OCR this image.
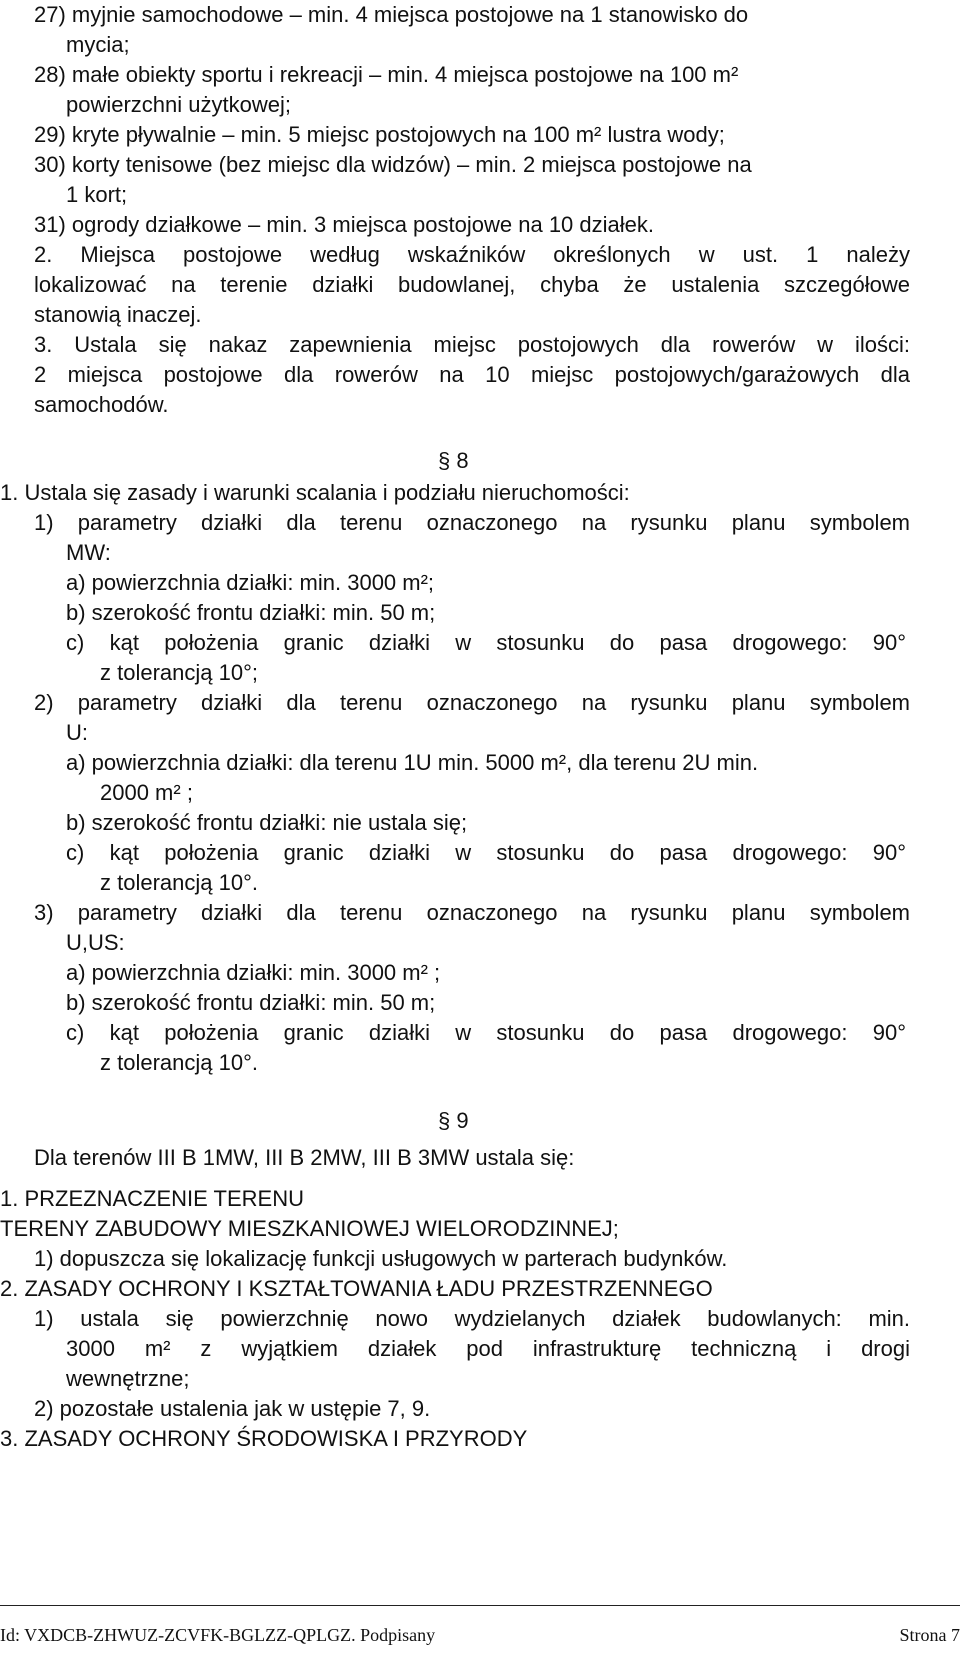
27) myjnie samochodowe – min. 4 miejsca postojowe na 1 stanowisko do
mycia;
28) małe obiekty sportu i rekreacji – min. 4 miejsca postojowe na 100 m²
powierzchni użytkowej;
29) kryte pływalnie – min. 5 miejsc postojowych na 100 m² lustra wody;
30) korty tenisowe (bez miejsc dla widzów) – min. 2 miejsca postojowe na
1 kort;
31) ogrody działkowe – min. 3 miejsca postojowe na 10 działek.
2. Miejsca postojowe według wskaźników określonych w ust. 1 należy
lokalizować na terenie działki budowlanej, chyba że ustalenia szczegółowe
stanowią inaczej.
3. Ustala się nakaz zapewnienia miejsc postojowych dla rowerów w ilości:
2 miejsca postojowe dla rowerów na 10 miejsc postojowych/garażowych dla
samochodów.
§ 8
1. Ustala się zasady i warunki scalania i podziału nieruchomości:
1) parametry działki dla terenu oznaczonego na rysunku planu symbolem
MW:
a) powierzchnia działki: min. 3000 m²;
b) szerokość frontu działki: min. 50 m;
c) kąt położenia granic działki w stosunku do pasa drogowego: 90°
z tolerancją 10°;
2) parametry działki dla terenu oznaczonego na rysunku planu symbolem
U:
a) powierzchnia działki: dla terenu 1U min. 5000 m², dla terenu 2U min.
2000 m² ;
b) szerokość frontu działki: nie ustala się;
c) kąt położenia granic działki w stosunku do pasa drogowego: 90°
z tolerancją 10°.
3) parametry działki dla terenu oznaczonego na rysunku planu symbolem
U,US:
a) powierzchnia działki: min. 3000 m² ;
b) szerokość frontu działki: min. 50 m;
c) kąt położenia granic działki w stosunku do pasa drogowego: 90°
z tolerancją 10°.
§ 9
Dla terenów III B 1MW, III B 2MW, III B 3MW ustala się:
1. PRZEZNACZENIE TERENU
TERENY ZABUDOWY MIESZKANIOWEJ WIELORODZINNEJ;
1) dopuszcza się lokalizację funkcji usługowych w parterach budynków.
2. ZASADY OCHRONY I KSZTAŁTOWANIA ŁADU PRZESTRZENNEGO
1) ustala się powierzchnię nowo wydzielanych działek budowlanych: min.
3000 m² z wyjątkiem działek pod infrastrukturę techniczną i drogi
wewnętrzne;
2) pozostałe ustalenia jak w ustępie 7, 9.
3. ZASADY OCHRONY ŚRODOWISKA I PRZYRODY
Id: VXDCB-ZHWUZ-ZCVFK-BGLZZ-QPLGZ. Podpisany	Strona 7
